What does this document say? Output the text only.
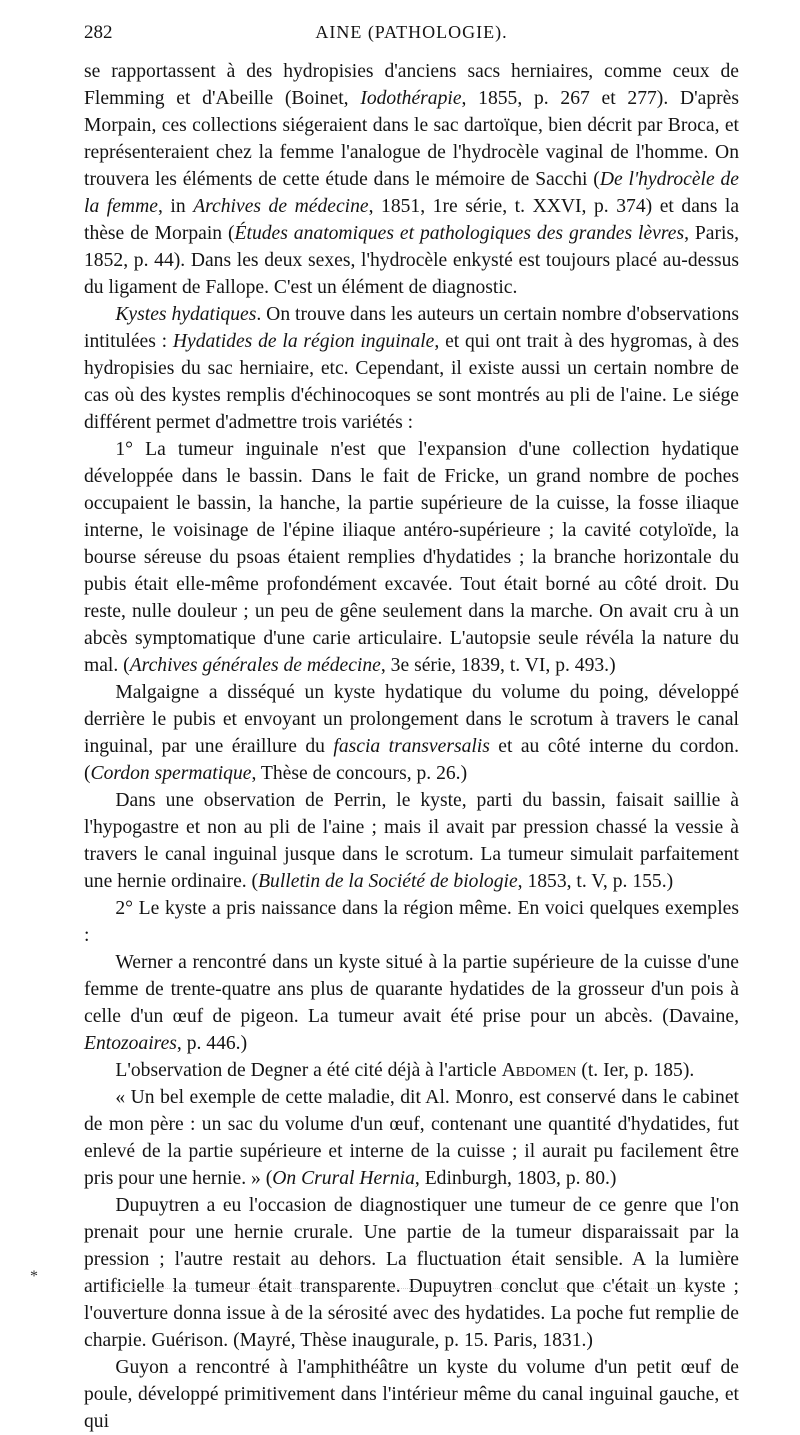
282	AINE (PATHOLOGIE).

se rapportassent à des hydropisies d'anciens sacs herniaires, comme ceux de Flemming et d'Abeille (Boinet, Iodothérapie, 1855, p. 267 et 277). D'après Morpain, ces collections siégeraient dans le sac dartoïque, bien décrit par Broca, et représenteraient chez la femme l'analogue de l'hydrocèle vaginal de l'homme. On trouvera les éléments de cette étude dans le mémoire de Sacchi (De l'hydrocèle de la femme, in Archives de médecine, 1851, 1re série, t. XXVI, p. 374) et dans la thèse de Morpain (Études anatomiques et pathologiques des grandes lèvres, Paris, 1852, p. 44). Dans les deux sexes, l'hydrocèle enkysté est toujours placé au-dessus du ligament de Fallope. C'est un élément de diagnostic.

Kystes hydatiques. On trouve dans les auteurs un certain nombre d'observations intitulées : Hydatides de la région inguinale, et qui ont trait à des hygromas, à des hydropisies du sac herniaire, etc. Cependant, il existe aussi un certain nombre de cas où des kystes remplis d'échinocoques se sont montrés au pli de l'aine. Le siége différent permet d'admettre trois variétés :

1° La tumeur inguinale n'est que l'expansion d'une collection hydatique développée dans le bassin. Dans le fait de Fricke, un grand nombre de poches occupaient le bassin, la hanche, la partie supérieure de la cuisse, la fosse iliaque interne, le voisinage de l'épine iliaque antéro-supérieure ; la cavité cotyloïde, la bourse séreuse du psoas étaient remplies d'hydatides ; la branche horizontale du pubis était elle-même profondément excavée. Tout était borné au côté droit. Du reste, nulle douleur ; un peu de gêne seulement dans la marche. On avait cru à un abcès symptomatique d'une carie articulaire. L'autopsie seule révéla la nature du mal. (Archives générales de médecine, 3e série, 1839, t. VI, p. 493.)

Malgaigne a disséqué un kyste hydatique du volume du poing, développé derrière le pubis et envoyant un prolongement dans le scrotum à travers le canal inguinal, par une éraillure du fascia transversalis et au côté interne du cordon. (Cordon spermatique, Thèse de concours, p. 26.)

Dans une observation de Perrin, le kyste, parti du bassin, faisait saillie à l'hypogastre et non au pli de l'aine ; mais il avait par pression chassé la vessie à travers le canal inguinal jusque dans le scrotum. La tumeur simulait parfaitement une hernie ordinaire. (Bulletin de la Société de biologie, 1853, t. V, p. 155.)

2° Le kyste a pris naissance dans la région même. En voici quelques exemples :

Werner a rencontré dans un kyste situé à la partie supérieure de la cuisse d'une femme de trente-quatre ans plus de quarante hydatides de la grosseur d'un pois à celle d'un œuf de pigeon. La tumeur avait été prise pour un abcès. (Davaine, Entozoaires, p. 446.)

L'observation de Degner a été cité déjà à l'article Abdomen (t. Ier, p. 185).

« Un bel exemple de cette maladie, dit Al. Monro, est conservé dans le cabinet de mon père : un sac du volume d'un œuf, contenant une quantité d'hydatides, fut enlevé de la partie supérieure et interne de la cuisse ; il aurait pu facilement être pris pour une hernie. » (On Crural Hernia, Edinburgh, 1803, p. 80.)

Dupuytren a eu l'occasion de diagnostiquer une tumeur de ce genre que l'on prenait pour une hernie crurale. Une partie de la tumeur disparaissait par la pression ; l'autre restait au dehors. La fluctuation était sensible. A la lumière artificielle la tumeur était transparente. Dupuytren conclut que c'était un kyste ; l'ouverture donna issue à de la sérosité avec des hydatides. La poche fut remplie de charpie. Guérison. (Mayré, Thèse inaugurale, p. 15. Paris, 1831.)

Guyon a rencontré à l'amphithéâtre un kyste du volume d'un petit œuf de poule, développé primitivement dans l'intérieur même du canal inguinal gauche, et qui

*
